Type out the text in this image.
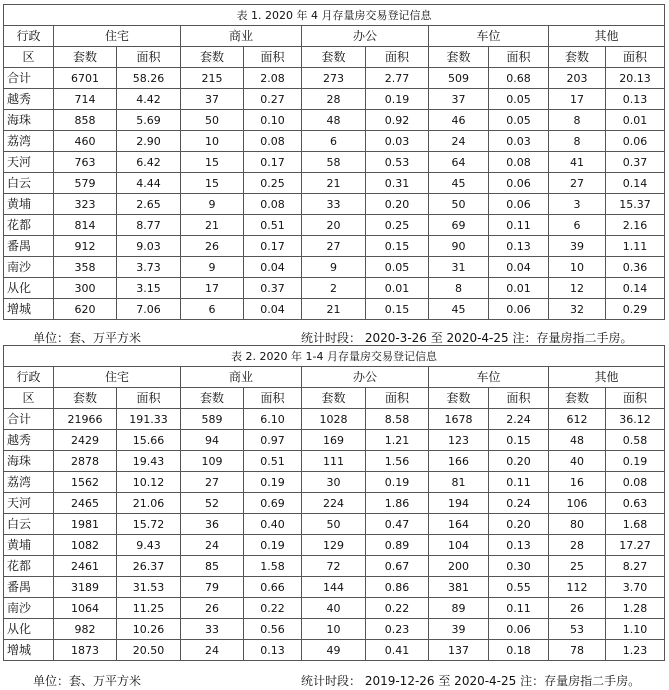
表 1. 2020 年 4 月存量房交易登记信息										
行政	住宅		商业		办公		车位		其他	
区	套数	面积	套数	面积	套数	面积	套数	面积	套数	面积
合计	6701	58.26	215	2.08	273	2.77	509	0.68	203	20.13
越秀	714	4.42	37	0.27	28	0.19	37	0.05	17	0.13
海珠	858	5.69	50	0.10	48	0.92	46	0.05	8	0.01
荔湾	460	2.90	10	0.08	6	0.03	24	0.03	8	0.06
天河	763	6.42	15	0.17	58	0.53	64	0.08	41	0.37
白云	579	4.44	15	0.25	21	0.31	45	0.06	27	0.14
黄埔	323	2.65	9	0.08	33	0.20	50	0.06	3	15.37
花都	814	8.77	21	0.51	20	0.25	69	0.11	6	2.16
番禺	912	9.03	26	0.17	27	0.15	90	0.13	39	1.11
南沙	358	3.73	9	0.04	9	0.05	31	0.04	10	0.36
从化	300	3.15	17	0.37	2	0.01	8	0.01	12	0.14
增城	620	7.06	6	0.04	21	0.15	45	0.06	32	0.29
单位：套、万平方米	统计时段： 2020-3-26 至 2020-4-25 注：存量房指二手房。
表 2. 2020 年 1-4 月存量房交易登记信息										
行政	住宅		商业		办公		车位		其他	
区	套数	面积	套数	面积	套数	面积	套数	面积	套数	面积
合计	21966	191.33	589	6.10	1028	8.58	1678	2.24	612	36.12
越秀	2429	15.66	94	0.97	169	1.21	123	0.15	48	0.58
海珠	2878	19.43	109	0.51	111	1.56	166	0.20	40	0.19
荔湾	1562	10.12	27	0.19	30	0.19	81	0.11	16	0.08
天河	2465	21.06	52	0.69	224	1.86	194	0.24	106	0.63
白云	1981	15.72	36	0.40	50	0.47	164	0.20	80	1.68
黄埔	1082	9.43	24	0.19	129	0.89	104	0.13	28	17.27
花都	2461	26.37	85	1.58	72	0.67	200	0.30	25	8.27
番禺	3189	31.53	79	0.66	144	0.86	381	0.55	112	3.70
南沙	1064	11.25	26	0.22	40	0.22	89	0.11	26	1.28
从化	982	10.26	33	0.56	10	0.23	39	0.06	53	1.10
增城	1873	20.50	24	0.13	49	0.41	137	0.18	78	1.23
单位：套、万平方米	统计时段： 2019-12-26 至 2020-4-25 注：存量房指二手房。
